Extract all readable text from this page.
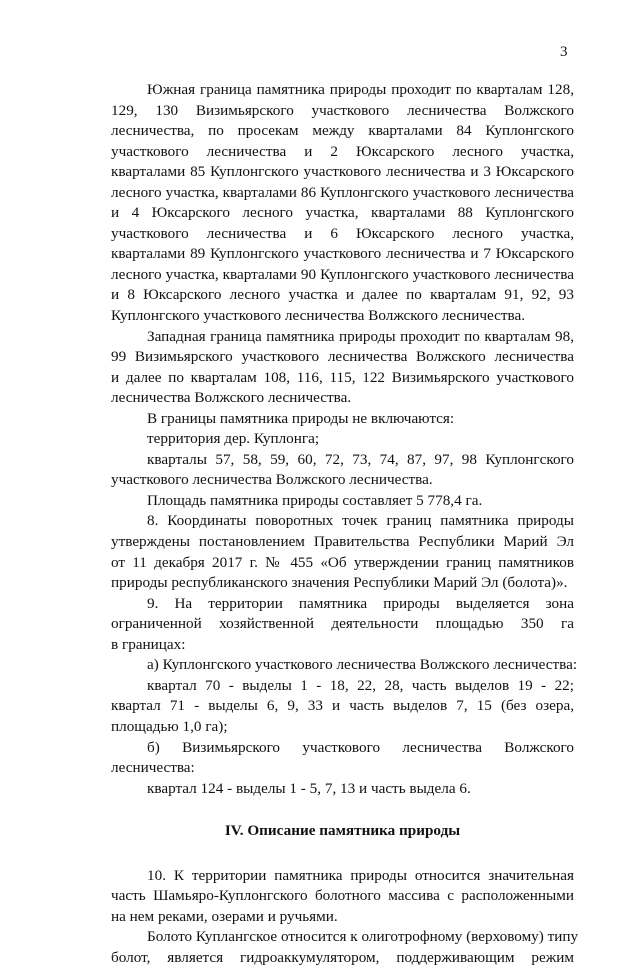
3
Южная граница памятника природы проходит по кварталам 128,
129, 130 Визимьярского участкового лесничества Волжского
лесничества, по просекам между кварталами 84 Куплонгского
участкового лесничества и 2 Юксарского лесного участка,
кварталами 85 Куплонгского участкового лесничества и 3 Юксарского
лесного участка, кварталами 86 Куплонгского участкового лесничества
и 4 Юксарского лесного участка, кварталами 88 Куплонгского
участкового лесничества и 6 Юксарского лесного участка,
кварталами 89 Куплонгского участкового лесничества и 7 Юксарского
лесного участка, кварталами 90 Куплонгского участкового лесничества
и 8 Юксарского лесного участка и далее по кварталам 91, 92, 93
Куплонгского участкового лесничества Волжского лесничества.
Западная граница памятника природы проходит по кварталам 98,
99 Визимьярского участкового лесничества Волжского лесничества
и далее по кварталам 108, 116, 115, 122 Визимьярского участкового
лесничества Волжского лесничества.
В границы памятника природы не включаются:
территория дер. Куплонга;
кварталы 57, 58, 59, 60, 72, 73, 74, 87, 97, 98 Куплонгского
участкового лесничества Волжского лесничества.
Площадь памятника природы составляет 5 778,4 га.
8. Координаты поворотных точек границ памятника природы
утверждены постановлением Правительства Республики Марий Эл
от 11 декабря 2017 г. № 455 «Об утверждении границ памятников
природы республиканского значения Республики Марий Эл (болота)».
9. На территории памятника природы выделяется зона
ограниченной хозяйственной деятельности площадью 350 га
в границах:
а) Куплонгского участкового лесничества Волжского лесничества:
квартал 70 - выделы 1 - 18, 22, 28, часть выделов 19 - 22;
квартал 71 - выделы 6, 9, 33 и часть выделов 7, 15 (без озера,
площадью 1,0 га);
б) Визимьярского участкового лесничества Волжского
лесничества:
квартал 124 - выделы 1 - 5, 7, 13 и часть выдела 6.
IV. Описание памятника природы
10. К территории памятника природы относится значительная
часть Шамьяро-Куплонгского болотного массива с расположенными
на нем реками, озерами и ручьями.
Болото Куплангское относится к олиготрофному (верховому) типу
болот, является гидроаккумулятором, поддерживающим режим
